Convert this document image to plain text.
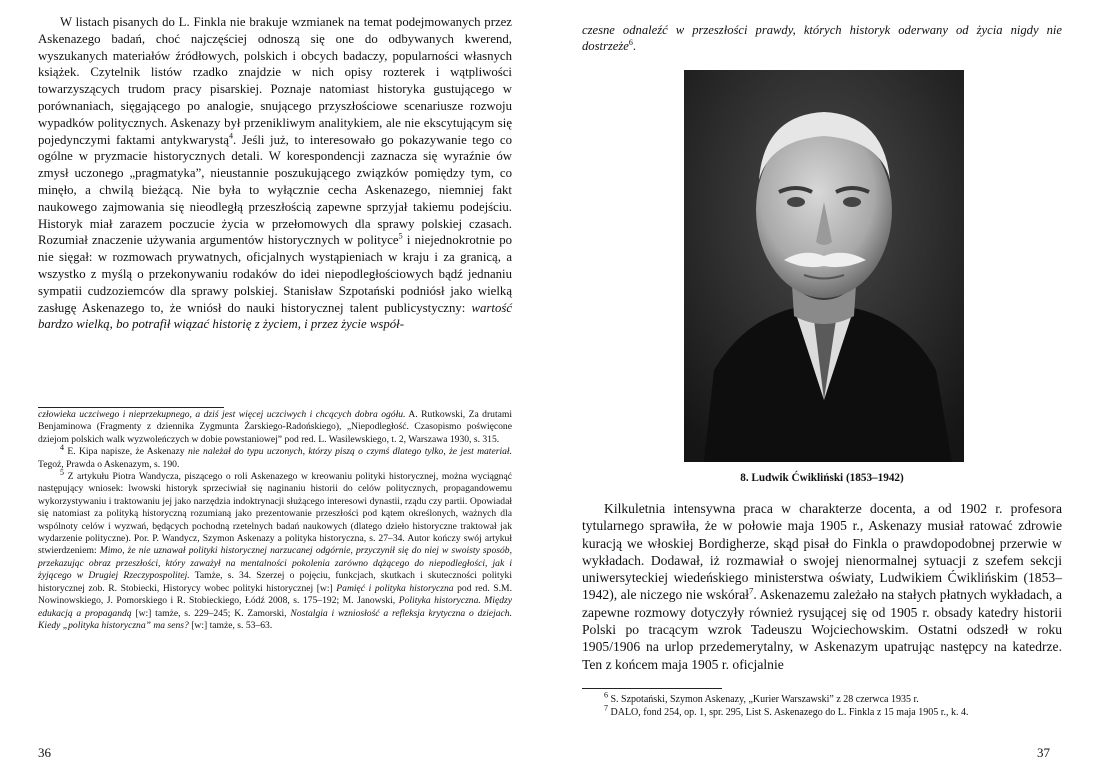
W listach pisanych do L. Finkla nie brakuje wzmianek na temat podejmowanych przez Askenazego badań, choć najczęściej odnoszą się one do odbywanych kwerend, wyszukanych materiałów źródłowych, polskich i obcych badaczy, popularności własnych książek. Czytelnik listów rzadko znajdzie w nich opisy rozterek i wątpliwości towarzyszących trudom pracy pisarskiej. Poznaje natomiast historyka gustującego w porównaniach, sięgającego po analogie, snującego przyszłościowe scenariusze rozwoju wypadków politycznych. Askenazy był przenikliwym analitykiem, ale nie ekscytującym się pojedynczymi faktami antykwarystą$^4$. Jeśli już, to interesowało go pokazywanie tego co ogólne w pryzmacie historycznych detali. W korespondencji zaznacza się wyraźnie ów zmysł uczonego „pragmatyka”, nieustannie poszukującego związków pomiędzy tym, co minęło, a chwilą bieżącą. Nie była to wyłącznie cecha Askenazego, niemniej fakt naukowego zajmowania się nieodległą przeszłością zapewne sprzyjał takiemu podejściu. Historyk miał zarazem poczucie życia w przełomowych dla sprawy polskiej czasach. Rozumiał znaczenie używania argumentów historycznych w polityce$^5$ i niejednokrotnie po nie sięgał: w rozmowach prywatnych, oficjalnych wystąpieniach w kraju i za granicą, a wszystko z myślą o przekonywaniu rodaków do idei niepodległościowych bądź jednaniu sympatii cudzoziemców dla sprawy polskiej. Stanisław Szpotański podniósł jako wielką zasługę Askenazego to, że wniósł do nauki historycznej talent publicystyczny: wartość bardzo wielką, bo potrafił wiązać historię z życiem, i przez życie współ-

człowieka uczciwego i nieprzekupnego, a dziś jest więcej uczciwych i chcących dobra ogółu. A. Rutkowski, Za drutami Benjaminowa (Fragmenty z dziennika Zygmunta Żarskiego-Radońskiego), „Niepodległość. Czasopismo poświęcone dziejom polskich walk wyzwoleńczych w dobie powstaniowej” pod red. L. Wasilewskiego, t. 2, Warszawa 1930, s. 315.

$^4$ E. Kipa napisze, że Askenazy nie należał do typu uczonych, którzy piszą o czymś dlatego tylko, że jest materiał. Tegoż, Prawda o Askenazym, s. 190.

$^5$ Z artykułu Piotra Wandycza, piszącego o roli Askenazego w kreowaniu polityki historycznej, można wyciągnąć następujący wniosek: lwowski historyk sprzeciwiał się naginaniu historii do celów politycznych, propagandowemu wykorzystywaniu i traktowaniu jej jako narzędzia indoktrynacji służącego interesowi dynastii, rządu czy partii. Opowiadał się natomiast za polityką historyczną rozumianą jako prezentowanie przeszłości pod kątem określonych, ważnych dla wspólnoty celów i wyzwań, będących pochodną rzetelnych badań naukowych (dlatego dzieło historyczne traktował jak wydarzenie polityczne). Por. P. Wandycz, Szymon Askenazy a polityka historyczna, s. 27–34. Autor kończy swój artykuł stwierdzeniem: Mimo, że nie uznawał polityki historycznej narzucanej odgórnie, przyczynił się do niej w swoisty sposób, przekazując obraz przeszłości, który zaważył na mentalności pokolenia zarówno dążącego do niepodległości, jak i żyjącego w Drugiej Rzeczypospolitej. Tamże, s. 34. Szerzej o pojęciu, funkcjach, skutkach i skuteczności polityki historycznej zob. R. Stobiecki, Historycy wobec polityki historycznej [w:] Pamięć i polityka historyczna pod red. S.M. Nowinowskiego, J. Pomorskiego i R. Stobieckiego, Łódź 2008, s. 175–192; M. Janowski, Polityka historyczna. Między edukacją a propagandą [w:] tamże, s. 229–245; K. Zamorski, Nostalgia i wzniosłość a refleksja krytyczna o dziejach. Kiedy „polityka historyczna” ma sens? [w:] tamże, s. 53–63.

36
czesne odnaleźć w przeszłości prawdy, których historyk oderwany od życia nigdy nie dostrzeże$^6$.
8. Ludwik Ćwikliński (1853–1942)

Kilkuletnia intensywna praca w charakterze docenta, a od 1902 r. profesora tytularnego sprawiła, że w połowie maja 1905 r., Askenazy musiał ratować zdrowie kuracją we włoskiej Bordigherze, skąd pisał do Finkla o prawdopodobnej przerwie w wykładach. Dodawał, iż rozmawiał o swojej nienormalnej sytuacji z szefem sekcji uniwersyteckiej wiedeńskiego ministerstwa oświaty, Ludwikiem Ćwiklińskim (1853–1942), ale niczego nie wskórał$^7$. Askenazemu zależało na stałych płatnych wykładach, a zapewne rozmowy dotyczyły również rysującej się od 1905 r. obsady katedry historii Polski po tracącym wzrok Tadeuszu Wojciechowskim. Ostatni odszedł w roku 1905/1906 na urlop przedemerytalny, w Askenazym upatrując następcy na katedrze. Ten z końcem maja 1905 r. oficjalnie

$^6$ S. Szpotański, Szymon Askenazy, „Kurier Warszawski” z 28 czerwca 1935 r.

$^7$ DALO, fond 254, op. 1, spr. 295, List S. Askenazego do L. Finkla z 15 maja 1905 r., k. 4.

37
